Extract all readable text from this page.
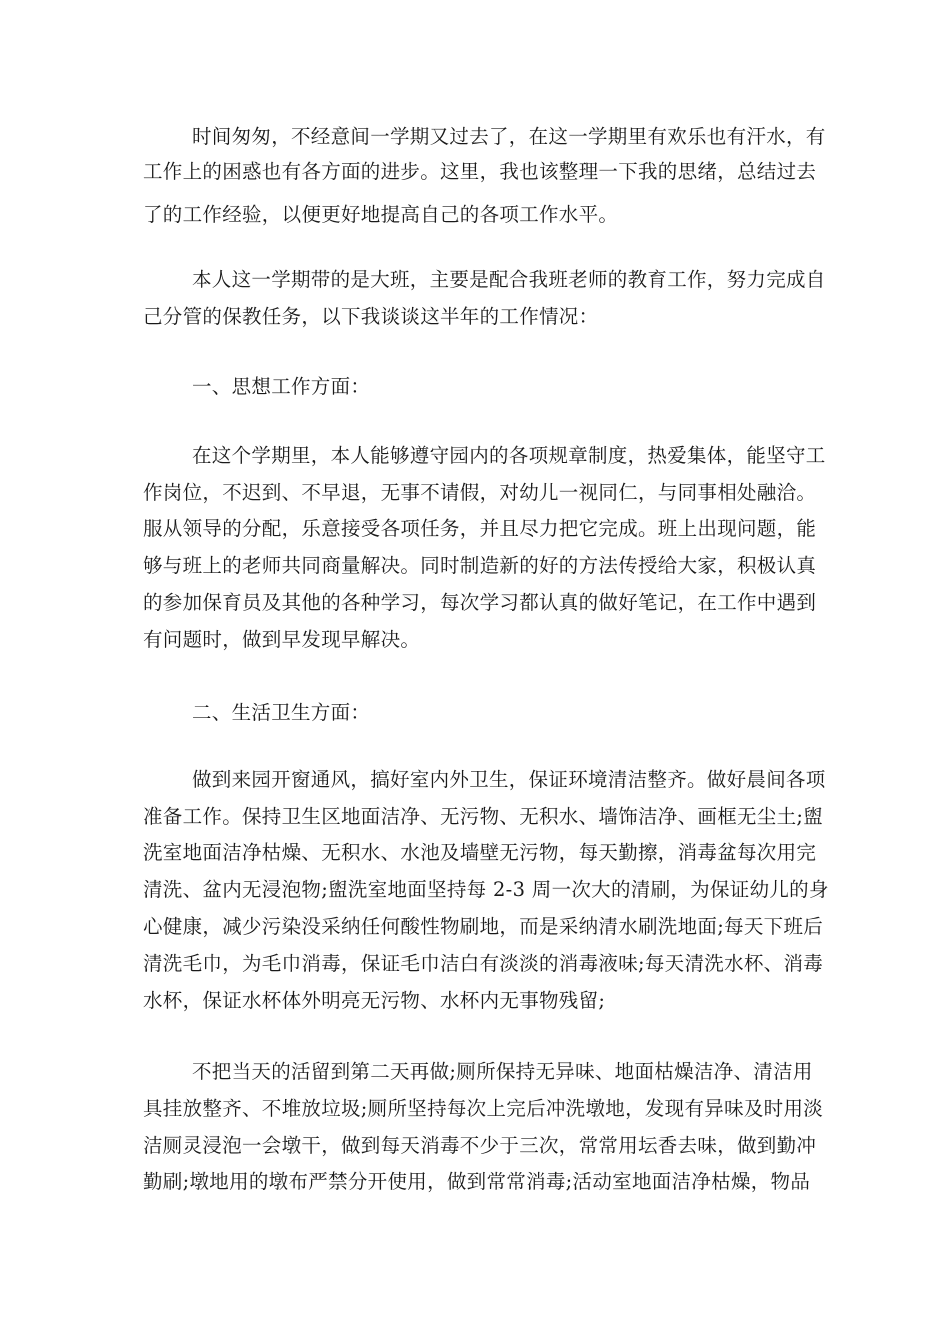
时间匆匆，不经意间一学期又过去了，在这一学期里有欢乐也有汗水，有
工作上的困惑也有各方面的进步。这里，我也该整理一下我的思绪，总结过去
了的工作经验，以便更好地提高自己的各项工作水平。
本人这一学期带的是大班，主要是配合我班老师的教育工作，努力完成自
己分管的保教任务，以下我谈谈这半年的工作情况：
一、思想工作方面：
在这个学期里，本人能够遵守园内的各项规章制度，热爱集体，能坚守工
作岗位，不迟到、不早退，无事不请假，对幼儿一视同仁，与同事相处融洽。
服从领导的分配，乐意接受各项任务，并且尽力把它完成。班上出现问题，能
够与班上的老师共同商量解决。同时制造新的好的方法传授给大家，积极认真
的参加保育员及其他的各种学习，每次学习都认真的做好笔记，在工作中遇到
有问题时，做到早发现早解决。
二、生活卫生方面：
做到来园开窗通风，搞好室内外卫生，保证环境清洁整齐。做好晨间各项
准备工作。保持卫生区地面洁净、无污物、无积水、墙饰洁净、画框无尘土;盥
洗室地面洁净枯燥、无积水、水池及墙壁无污物，每天勤擦，消毒盆每次用完
清洗、盆内无浸泡物;盥洗室地面坚持每 2-3 周一次大的清刷，为保证幼儿的身
心健康，减少污染没采纳任何酸性物刷地，而是采纳清水刷洗地面;每天下班后
清洗毛巾，为毛巾消毒，保证毛巾洁白有淡淡的消毒液味;每天清洗水杯、消毒
水杯，保证水杯体外明亮无污物、水杯内无事物残留;
不把当天的活留到第二天再做;厕所保持无异味、地面枯燥洁净、清洁用
具挂放整齐、不堆放垃圾;厕所坚持每次上完后冲洗墩地，发现有异味及时用淡
洁厕灵浸泡一会墩干，做到每天消毒不少于三次，常常用坛香去味，做到勤冲
勤刷;墩地用的墩布严禁分开使用，做到常常消毒;活动室地面洁净枯燥，物品
